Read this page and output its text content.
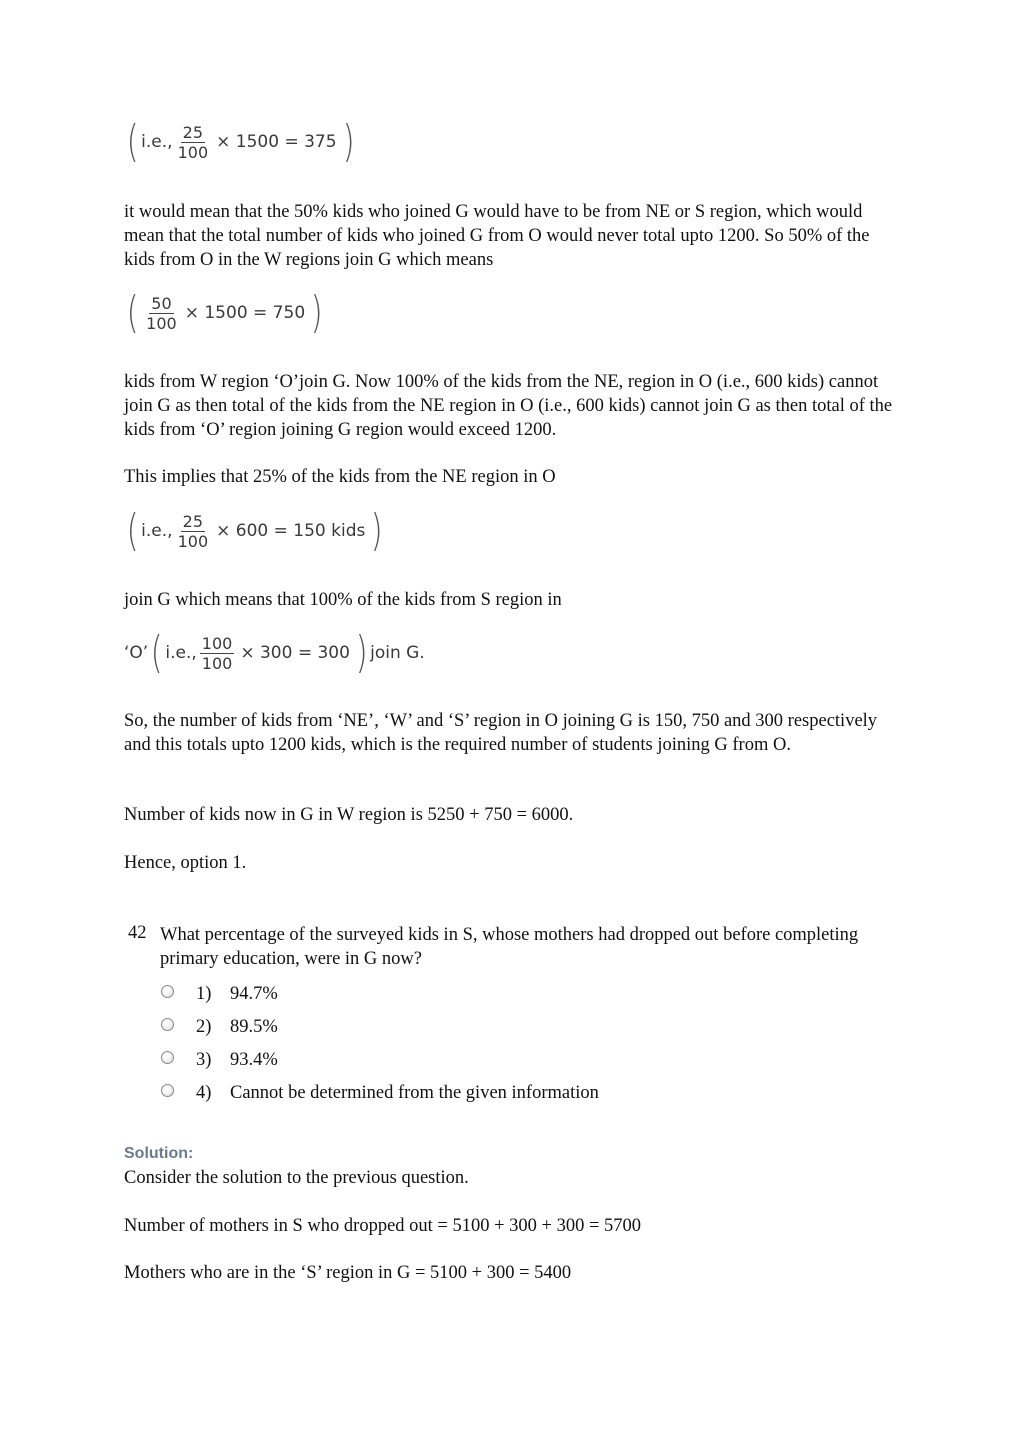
( i.e., $\frac{25}{100} \times 1500 = 375$ )

it would mean that the 50% kids who joined G would have to be from NE or S region, which would mean that the total number of kids who joined G from O would never total upto 1200. So 50% of the kids from O in the W regions join G which means

( $\frac{50}{100} \times 1500 = 750$ )

kids from W region ‘O’join G. Now 100% of the kids from the NE, region in O (i.e., 600 kids) cannot join G as then total of the kids from the NE region in O (i.e., 600 kids) cannot join G as then total of the kids from ‘O’ region joining G region would exceed 1200.

This implies that 25% of the kids from the NE region in O

( i.e., $\frac{25}{100} \times 600 = 150$ kids )

join G which means that 100% of the kids from S region in

‘O’ ( i.e., $\frac{100}{100} \times 300 = 300$ ) join G.

So, the number of kids from ‘NE’, ‘W’ and ‘S’ region in O joining G is 150, 750 and 300 respectively and this totals upto 1200 kids, which is the required number of students joining G from O.

Number of kids now in G in W region is 5250 + 750 = 6000.

Hence, option 1.

42 What percentage of the surveyed kids in S, whose mothers had dropped out before completing primary education, were in G now?
1)	94.7%
2)	89.5%
3)	93.4%
4)	Cannot be determined from the given information
Solution:

Consider the solution to the previous question.

Number of mothers in S who dropped out = 5100 + 300 + 300 = 5700

Mothers who are in the ‘S’ region in G = 5100 + 300 = 5400
